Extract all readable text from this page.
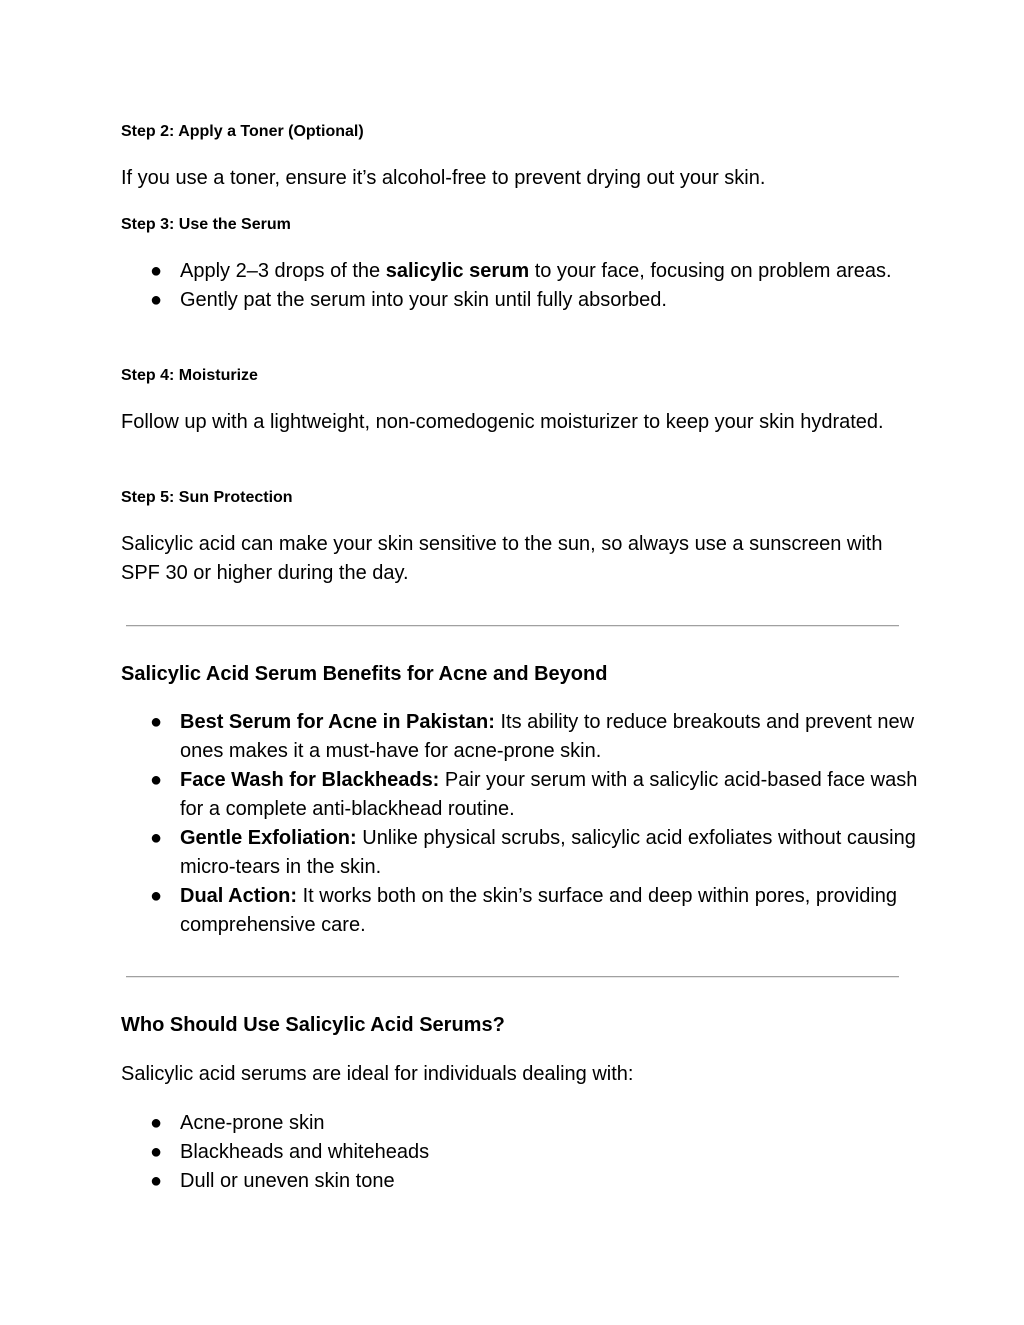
Step 2: Apply a Toner (Optional)
If you use a toner, ensure it’s alcohol-free to prevent drying out your skin.
Step 3: Use the Serum
● Apply 2–3 drops of the salicylic serum to your face, focusing on problem areas.
● Gently pat the serum into your skin until fully absorbed.
Step 4: Moisturize
Follow up with a lightweight, non-comedogenic moisturizer to keep your skin hydrated.
Step 5: Sun Protection
Salicylic acid can make your skin sensitive to the sun, so always use a sunscreen with SPF 30 or higher during the day.
Salicylic Acid Serum Benefits for Acne and Beyond
● Best Serum for Acne in Pakistan: Its ability to reduce breakouts and prevent new ones makes it a must-have for acne-prone skin.
● Face Wash for Blackheads: Pair your serum with a salicylic acid-based face wash for a complete anti-blackhead routine.
● Gentle Exfoliation: Unlike physical scrubs, salicylic acid exfoliates without causing micro-tears in the skin.
● Dual Action: It works both on the skin’s surface and deep within pores, providing comprehensive care.
Who Should Use Salicylic Acid Serums?
Salicylic acid serums are ideal for individuals dealing with:
● Acne-prone skin
● Blackheads and whiteheads
● Dull or uneven skin tone
